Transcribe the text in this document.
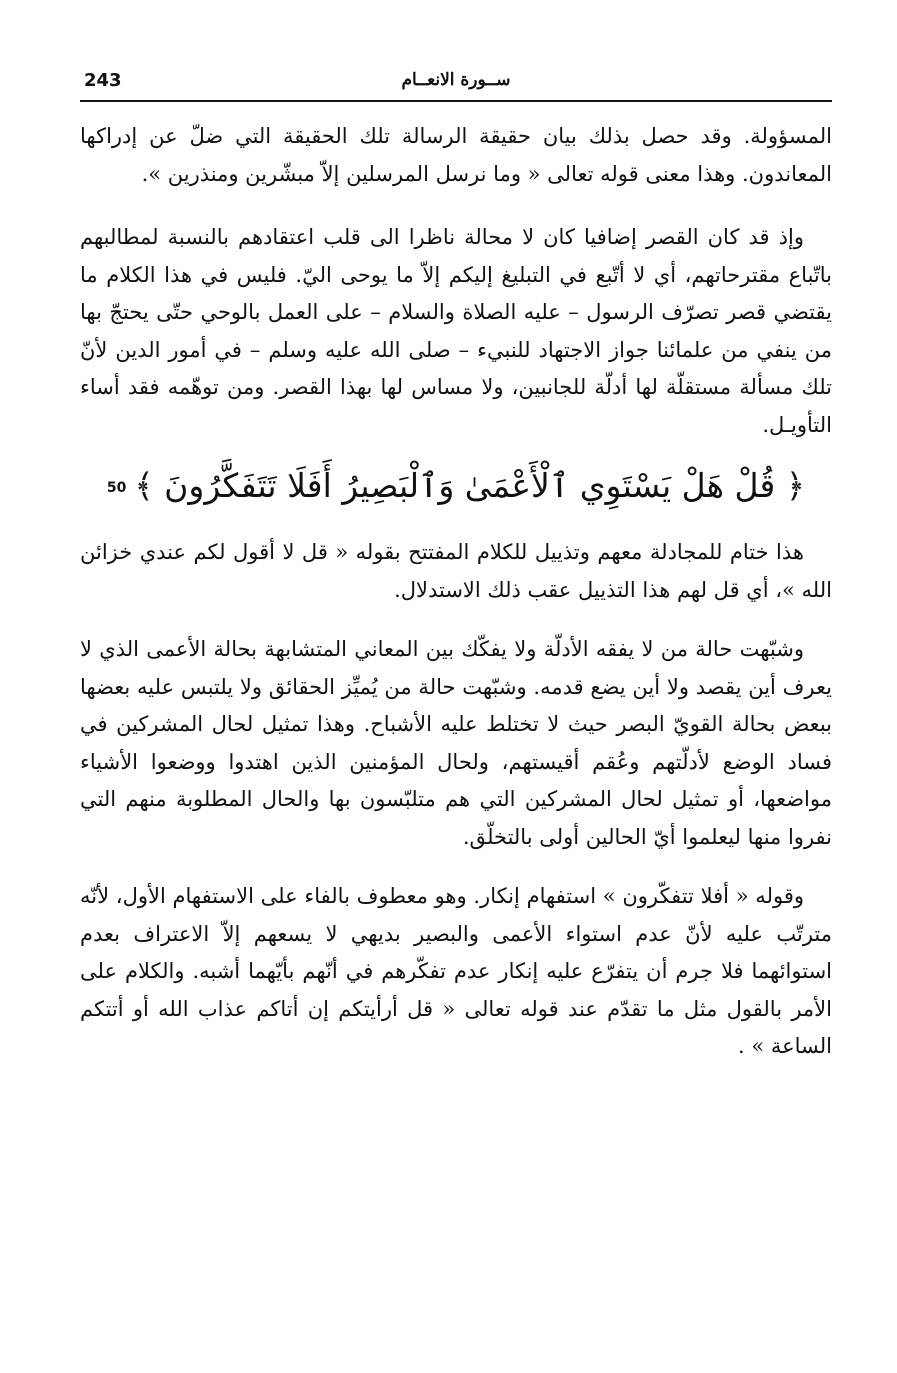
243	ســورة الانعــام

المسؤولة. وقد حصل بذلك بيان حقيقة الرسالة تلك الحقيقة التي ضلّ عن إدراكها المعاندون. وهذا معنى قوله تعالى « وما نرسل المرسلين إلاّ مبشّرين ومنذرين ».

وإذ قد كان القصر إضافيا كان لا محالة ناظرا الى قلب اعتقادهم بالنسبة لمطالبهم باتّباع مقترحاتهم، أي لا أتّبع في التبليغ إليكم إلاّ ما يوحى اليّ. فليس في هذا الكلام ما يقتضي قصر تصرّف الرسول – عليه الصلاة والسلام – على العمل بالوحي حتّى يحتجّ بها من ينفي من علمائنا جواز الاجتهاد للنبيء – صلى الله عليه وسلم – في أمور الدين لأنّ تلك مسألة مستقلّة لها أدلّة للجانبين، ولا مساس لها بهذا القصر. ومن توهّمه فقد أساء التأويـل.

﴿ قُلْ هَلْ يَسْتَوِي ٱلْأَعْمَىٰ وَٱلْبَصِيرُ أَفَلَا تَتَفَكَّرُونَ ﴾50

هذا ختام للمجادلة معهم وتذييل للكلام المفتتح بقوله « قل لا أقول لكم عندي خزائن الله »، أي قل لهم هذا التذييل عقب ذلك الاستدلال.

وشبّهت حالة من لا يفقه الأدلّة ولا يفكّك بين المعاني المتشابهة بحالة الأعمى الذي لا يعرف أين يقصد ولا أين يضع قدمه. وشبّهت حالة من يُميِّز الحقائق ولا يلتبس عليه بعضها ببعض بحالة القويّ البصر حيث لا تختلط عليه الأشباح. وهذا تمثيل لحال المشركين في فساد الوضع لأدلّتهم وعُقم أقيستهم، ولحال المؤمنين الذين اهتدوا ووضعوا الأشياء مواضعها، أو تمثيل لحال المشركين التي هم متلبّسون بها والحال المطلوبة منهم التي نفروا منها ليعلموا أيّ الحالين أولى بالتخلّق.

وقوله « أفلا تتفكّرون » استفهام إنكار. وهو معطوف بالفاء على الاستفهام الأول، لأنّه مترتّب عليه لأنّ عدم استواء الأعمى والبصير بديهي لا يسعهم إلاّ الاعتراف بعدم استوائهما فلا جرم أن يتفرّع عليه إنكار عدم تفكّرهم في أنّهم بأيّهما أشبه. والكلام على الأمر بالقول مثل ما تقدّم عند قوله تعالى « قل أرأيتكم إن أتاكم عذاب الله أو أتتكم الساعة » .
